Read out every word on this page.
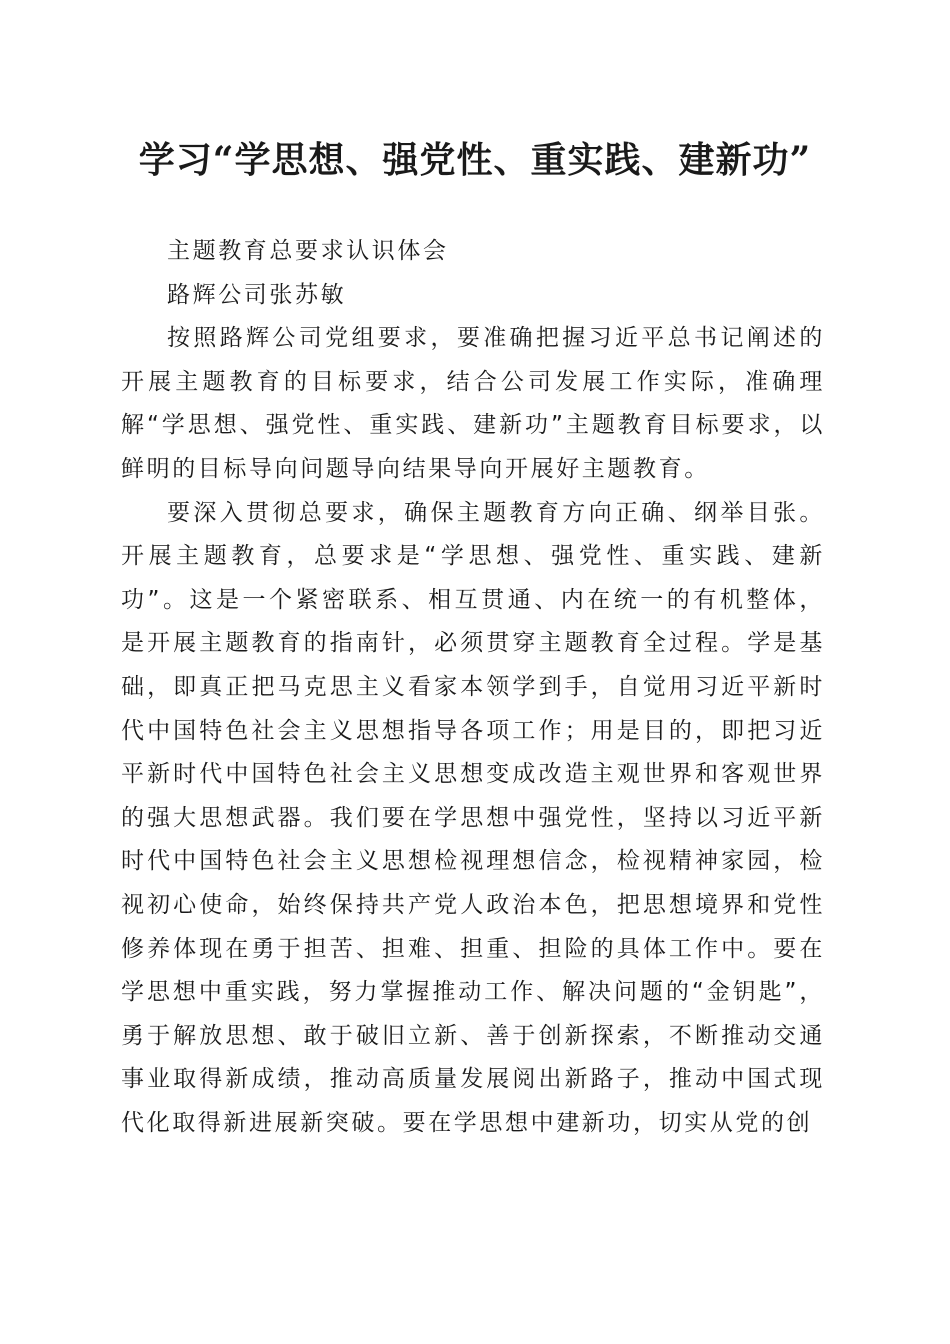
学习“学思想、强党性、重实践、建新功”

主题教育总要求认识体会

路辉公司张苏敏

按照路辉公司党组要求，要准确把握习近平总书记阐述的开展主题教育的目标要求，结合公司发展工作实际，准确理解“学思想、强党性、重实践、建新功”主题教育目标要求，以鲜明的目标导向问题导向结果导向开展好主题教育。

要深入贯彻总要求，确保主题教育方向正确、纲举目张。开展主题教育，总要求是“学思想、强党性、重实践、建新功”。这是一个紧密联系、相互贯通、内在统一的有机整体，是开展主题教育的指南针，必须贯穿主题教育全过程。学是基础，即真正把马克思主义看家本领学到手，自觉用习近平新时代中国特色社会主义思想指导各项工作；用是目的，即把习近平新时代中国特色社会主义思想变成改造主观世界和客观世界的强大思想武器。我们要在学思想中强党性，坚持以习近平新时代中国特色社会主义思想检视理想信念，检视精神家园，检视初心使命，始终保持共产党人政治本色，把思想境界和党性修养体现在勇于担苦、担难、担重、担险的具体工作中。要在学思想中重实践，努力掌握推动工作、解决问题的“金钥匙”，勇于解放思想、敢于破旧立新、善于创新探索，不断推动交通事业取得新成绩，推动高质量发展阅出新路子，推动中国式现代化取得新进展新突破。要在学思想中建新功，切实从党的创
